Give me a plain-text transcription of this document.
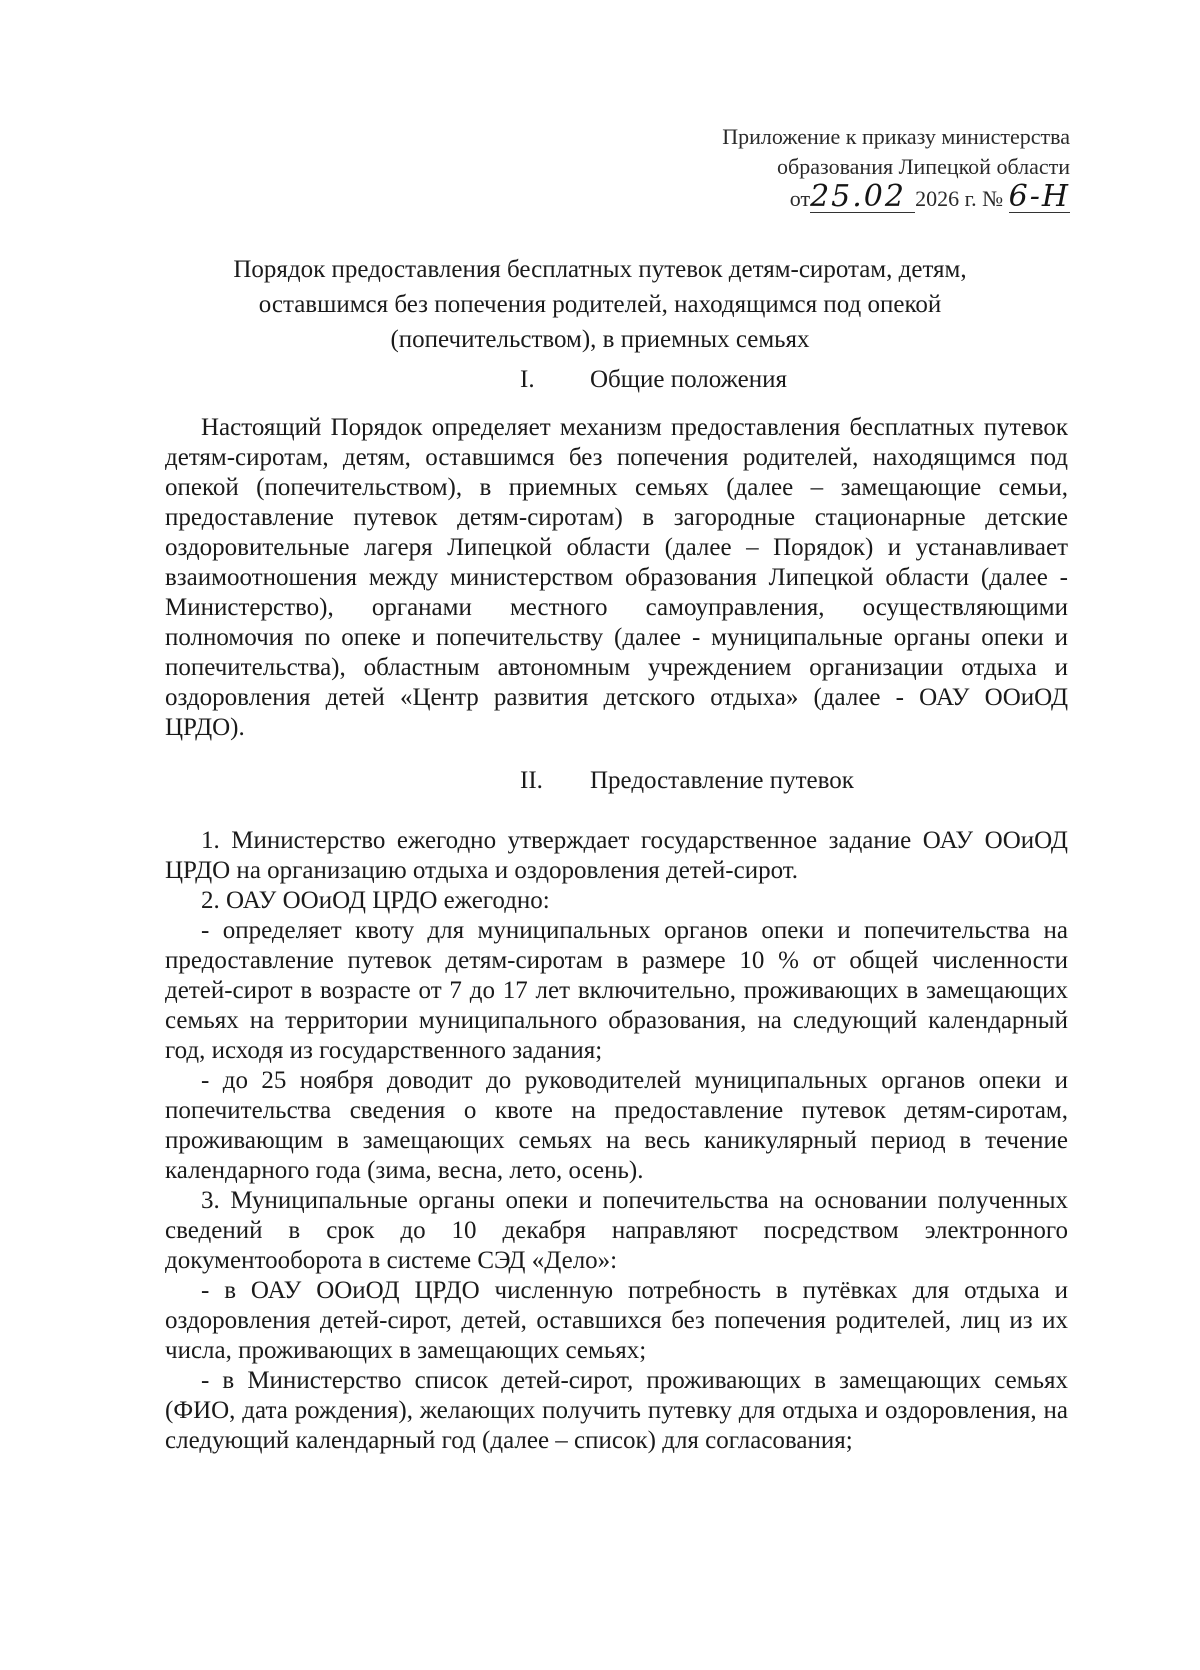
Приложение к приказу министерства
образования Липецкой области
от25.02 2026 г. № 6-Н
Порядок предоставления бесплатных путевок детям-сиротам, детям,
оставшимся без попечения родителей, находящимся под опекой
(попечительством), в приемных семьях
I. Общие положения
Настоящий Порядок определяет механизм предоставления бесплатных путевок детям-сиротам, детям, оставшимся без попечения родителей, находящимся под опекой (попечительством), в приемных семьях (далее – замещающие семьи, предоставление путевок детям-сиротам) в загородные стационарные детские оздоровительные лагеря Липецкой области (далее – Порядок) и устанавливает взаимоотношения между министерством образования Липецкой области (далее - Министерство), органами местного самоуправления, осуществляющими полномочия по опеке и попечительству (далее - муниципальные органы опеки и попечительства), областным автономным учреждением организации отдыха и оздоровления детей «Центр развития детского отдыха» (далее - ОАУ ООиОД ЦРДО).
II. Предоставление путевок
1. Министерство ежегодно утверждает государственное задание ОАУ ООиОД ЦРДО на организацию отдыха и оздоровления детей-сирот.
2. ОАУ ООиОД ЦРДО ежегодно:
- определяет квоту для муниципальных органов опеки и попечительства на предоставление путевок детям-сиротам в размере 10 % от общей численности детей-сирот в возрасте от 7 до 17 лет включительно, проживающих в замещающих семьях на территории муниципального образования, на следующий календарный год, исходя из государственного задания;
- до 25 ноября доводит до руководителей муниципальных органов опеки и попечительства сведения о квоте на предоставление путевок детям-сиротам, проживающим в замещающих семьях на весь каникулярный период в течение календарного года (зима, весна, лето, осень).
3. Муниципальные органы опеки и попечительства на основании полученных сведений в срок до 10 декабря направляют посредством электронного документооборота в системе СЭД «Дело»:
- в ОАУ ООиОД ЦРДО численную потребность в путёвках для отдыха и оздоровления детей-сирот, детей, оставшихся без попечения родителей, лиц из их числа, проживающих в замещающих семьях;
- в Министерство список детей-сирот, проживающих в замещающих семьях (ФИО, дата рождения), желающих получить путевку для отдыха и оздоровления, на следующий календарный год (далее – список) для согласования;
